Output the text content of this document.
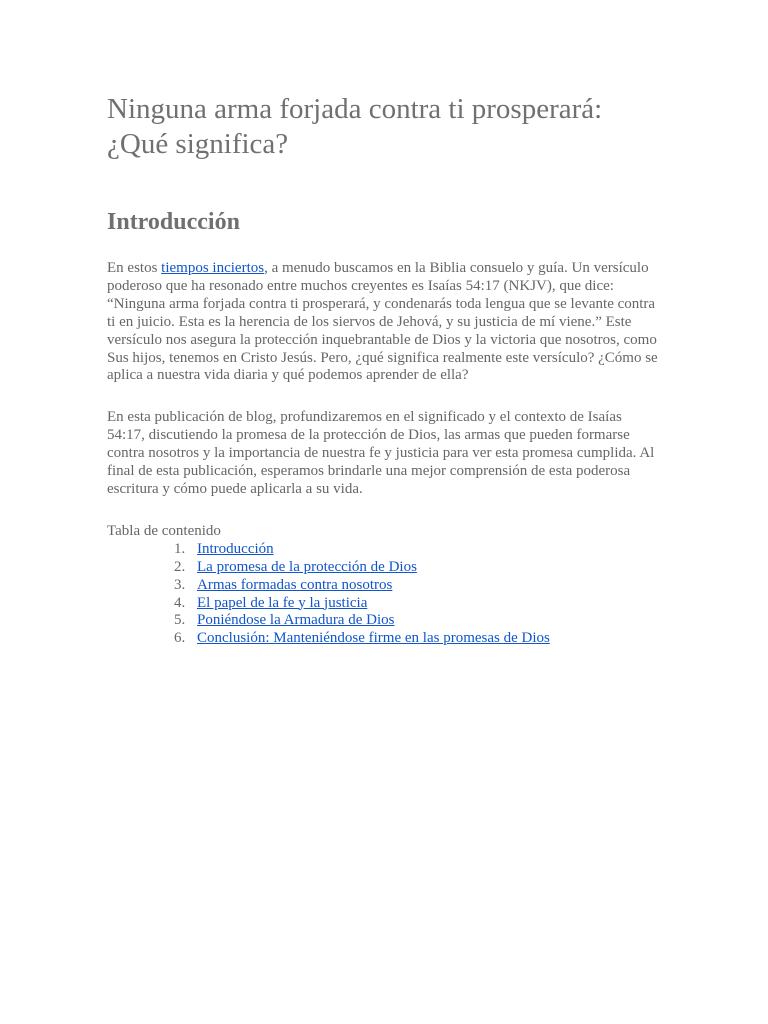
Ninguna arma forjada contra ti prosperará:
¿Qué significa?
Introducción

En estos tiempos inciertos, a menudo buscamos en la Biblia consuelo y guía. Un versículo poderoso que ha resonado entre muchos creyentes es Isaías 54:17 (NKJV), que dice: “Ninguna arma forjada contra ti prosperará, y condenarás toda lengua que se levante contra ti en juicio. Esta es la herencia de los siervos de Jehová, y su justicia de mí viene.” Este versículo nos asegura la protección inquebrantable de Dios y la victoria que nosotros, como Sus hijos, tenemos en Cristo Jesús. Pero, ¿qué significa realmente este versículo? ¿Cómo se aplica a nuestra vida diaria y qué podemos aprender de ella?

En esta publicación de blog, profundizaremos en el significado y el contexto de Isaías 54:17, discutiendo la promesa de la protección de Dios, las armas que pueden formarse contra nosotros y la importancia de nuestra fe y justicia para ver esta promesa cumplida. Al final de esta publicación, esperamos brindarle una mejor comprensión de esta poderosa escritura y cómo puede aplicarla a su vida.

Tabla de contenido
1. Introducción
2. La promesa de la protección de Dios
3. Armas formadas contra nosotros
4. El papel de la fe y la justicia
5. Poniéndose la Armadura de Dios
6. Conclusión: Manteniéndose firme en las promesas de Dios
